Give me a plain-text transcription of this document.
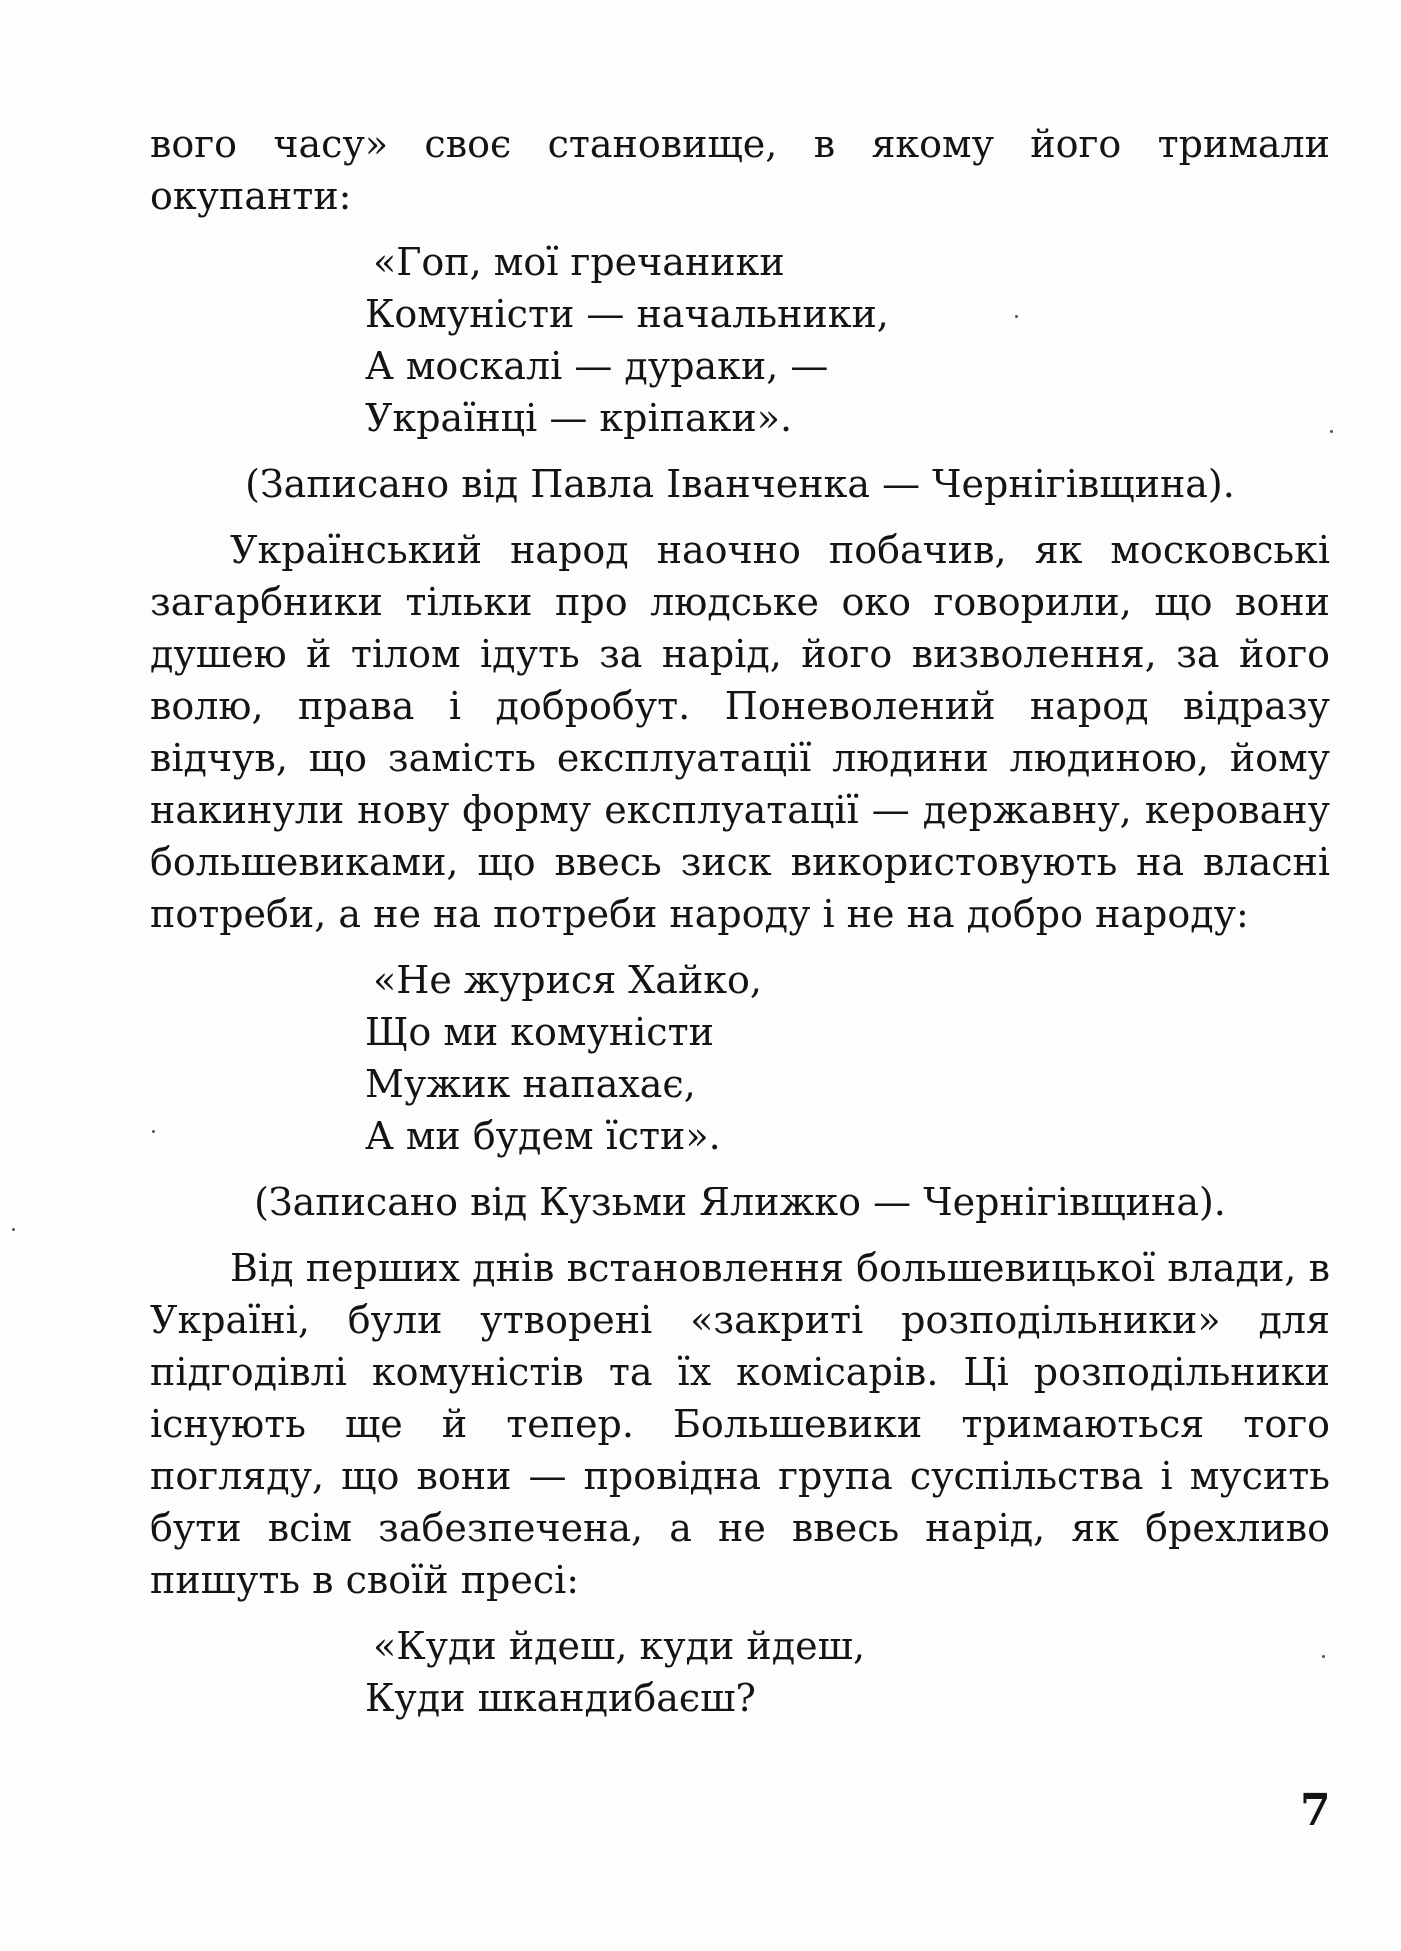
вого часу» своє становище, в якому його тримали окупанти:

«Гоп, мої гречаники
Комуністи — начальники,
А москалі — дураки, —
Українці — кріпаки».

(Записано від Павла Іванченка — Чернігівщина).

Український народ наочно побачив, як московські загарбники тільки про людське око говорили, що вони душею й тілом ідуть за нарід, його визволення, за його волю, права і добробут. Поневолений народ відразу відчув, що замість експлуатації людини людиною, йому накинули нову форму експлуатації — державну, керовану большевиками, що ввесь зиск використовують на власні потреби, а не на потреби народу і не на добро народу:

«Не журися Хайко,
Що ми комуністи
Мужик напахає,
А ми будем їсти».

(Записано від Кузьми Ялижко — Чернігівщина).

Від перших днів встановлення большевицької влади, в Україні, були утворені «закриті розподільники» для підгодівлі комуністів та їх комісарів. Ці розподільники існують ще й тепер. Большевики тримаються того погляду, що вони — провідна група суспільства і мусить бути всім забезпечена, а не ввесь нарід, як брехливо пишуть в своїй пресі:

«Куди йдеш, куди йдеш,
Куди шкандибаєш?
7
